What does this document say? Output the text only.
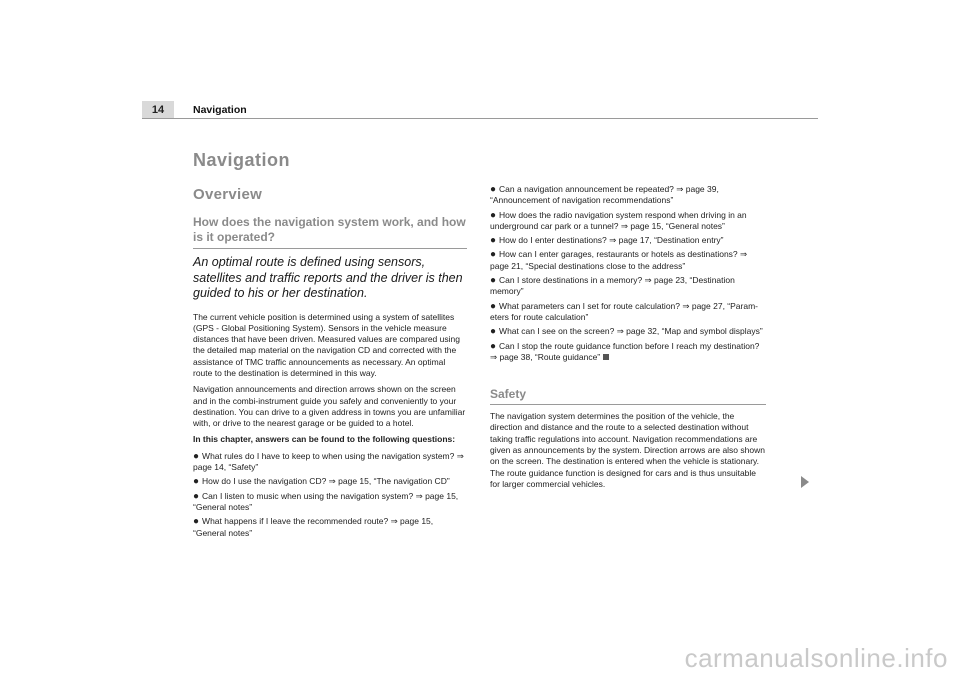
14	Navigation
Navigation
Overview
How does the navigation system work, and how is it operated?
An optimal route is defined using sensors, satellites and traffic reports and the driver is then guided to his or her destination.

The current vehicle position is determined using a system of satellites (GPS - Global Positioning System). Sensors in the vehicle measure distances that have been driven. Measured values are compared using the detailed map material on the navigation CD and corrected with the assistance of TMC traffic announcements as necessary. An optimal route to the destination is determined in this way.

Navigation announcements and direction arrows shown on the screen and in the combi-instrument guide you safely and conveniently to your destination. You can drive to a given address in towns you are unfamiliar with, or drive to the nearest garage or be guided to a hotel.

In this chapter, answers can be found to the following questions:

● What rules do I have to keep to when using the navigation system? ⇒ page 14, “Safety”
● How do I use the navigation CD? ⇒ page 15, “The navigation CD”
● Can I listen to music when using the navigation system? ⇒ page 15, “General notes”
● What happens if I leave the recommended route? ⇒ page 15, “General notes”
● Can a navigation announcement be repeated? ⇒ page 39, “Announcement of navigation recommendations”
● How does the radio navigation system respond when driving in an underground car park or a tunnel? ⇒ page 15, “General notes”
● How do I enter destinations? ⇒ page 17, “Destination entry”
● How can I enter garages, restaurants or hotels as destinations? ⇒ page 21, “Special destinations close to the address”
● Can I store destinations in a memory? ⇒ page 23, “Destination memory”
● What parameters can I set for route calculation? ⇒ page 27, “Param-eters for route calculation”
● What can I see on the screen? ⇒ page 32, “Map and symbol displays”
● Can I stop the route guidance function before I reach my destination? ⇒ page 38, “Route guidance”
Safety

The navigation system determines the position of the vehicle, the direction and distance and the route to a selected destination without taking traffic regulations into account. Navigation recommendations are given as announcements by the system. Direction arrows are also shown on the screen. The destination is entered when the vehicle is stationary. The route guidance function is designed for cars and is thus unsuitable for larger commercial vehicles.

carmanualsonline.info
